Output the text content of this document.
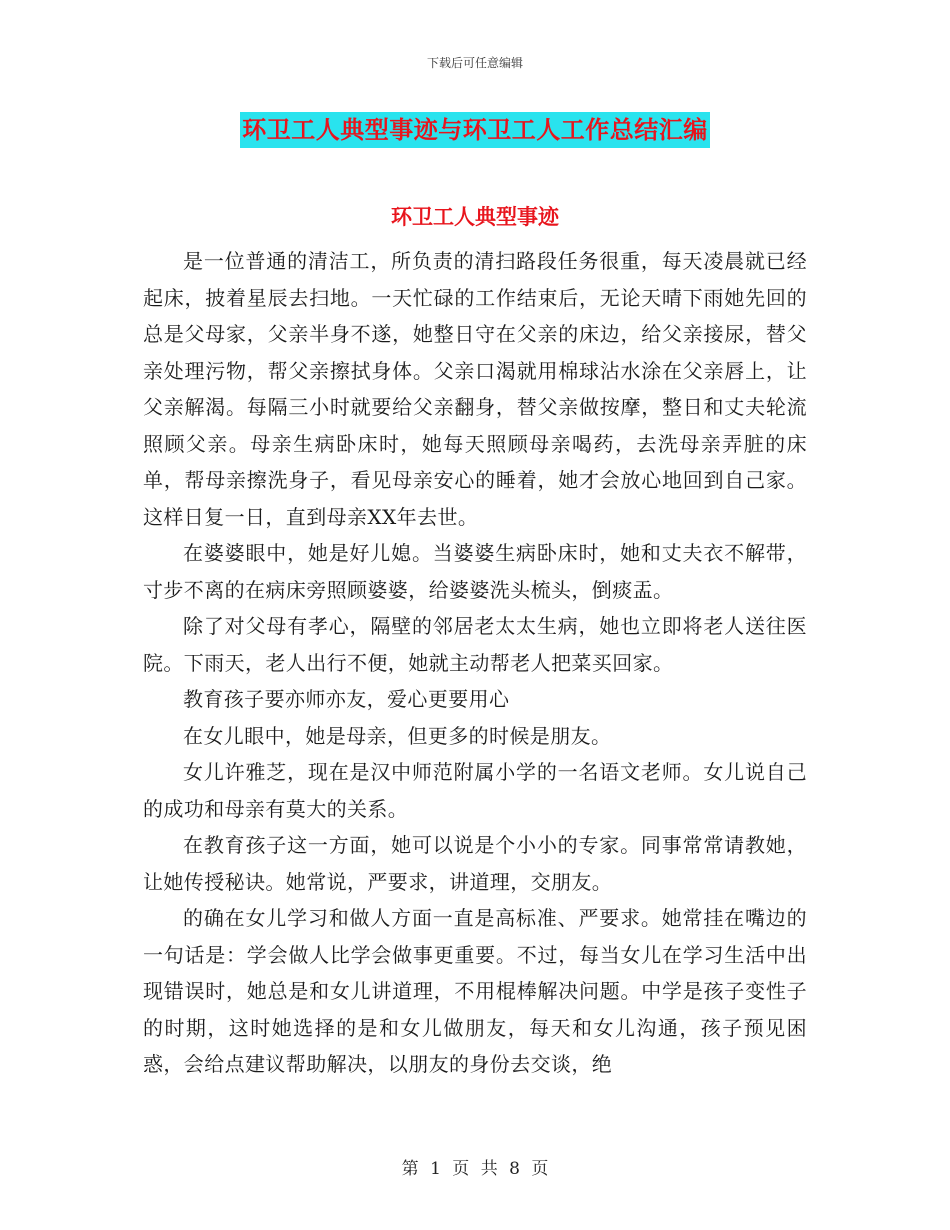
下载后可任意编辑
环卫工人典型事迹与环卫工人工作总结汇编
环卫工人典型事迹

是一位普通的清洁工，所负责的清扫路段任务很重，每天凌晨就已经起床，披着星辰去扫地。一天忙碌的工作结束后，无论天晴下雨她先回的总是父母家，父亲半身不遂，她整日守在父亲的床边，给父亲接尿，替父亲处理污物，帮父亲擦拭身体。父亲口渴就用棉球沾水涂在父亲唇上，让父亲解渴。每隔三小时就要给父亲翻身，替父亲做按摩，整日和丈夫轮流照顾父亲。母亲生病卧床时，她每天照顾母亲喝药，去洗母亲弄脏的床单，帮母亲擦洗身子，看见母亲安心的睡着，她才会放心地回到自己家。这样日复一日，直到母亲XX年去世。

在婆婆眼中，她是好儿媳。当婆婆生病卧床时，她和丈夫衣不解带，寸步不离的在病床旁照顾婆婆，给婆婆洗头梳头，倒痰盂。

除了对父母有孝心，隔壁的邻居老太太生病，她也立即将老人送往医院。下雨天，老人出行不便，她就主动帮老人把菜买回家。

教育孩子要亦师亦友，爱心更要用心

在女儿眼中，她是母亲，但更多的时候是朋友。

女儿许雅芝，现在是汉中师范附属小学的一名语文老师。女儿说自己的成功和母亲有莫大的关系。

在教育孩子这一方面，她可以说是个小小的专家。同事常常请教她，让她传授秘诀。她常说，严要求，讲道理，交朋友。

的确在女儿学习和做人方面一直是高标准、严要求。她常挂在嘴边的一句话是：学会做人比学会做事更重要。不过，每当女儿在学习生活中出现错误时，她总是和女儿讲道理，不用棍棒解决问题。中学是孩子变性子的时期，这时她选择的是和女儿做朋友，每天和女儿沟通，孩子预见困惑，会给点建议帮助解决，以朋友的身份去交谈，绝

第 1 页 共 8 页
